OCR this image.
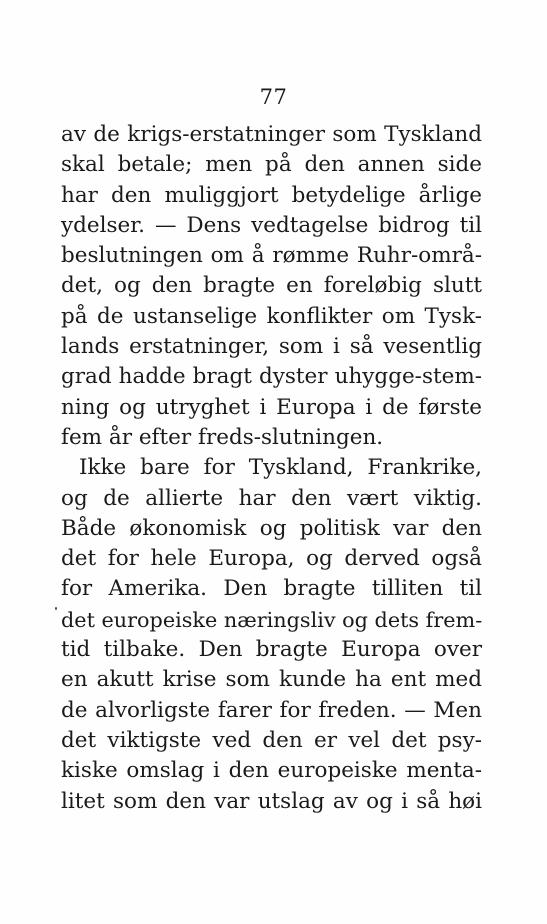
77
av de krigs-erstatninger som Tyskland
skal betale; men på den annen side
har den muliggjort betydelige årlige
ydelser. — Dens vedtagelse bidrog til
beslutningen om å rømme Ruhr-områ-
det, og den bragte en foreløbig slutt
på de ustanselige konflikter om Tysk-
lands erstatninger, som i så vesentlig
grad hadde bragt dyster uhygge-stem-
ning og utryghet i Europa i de første
fem år efter freds-slutningen.
Ikke bare for Tyskland, Frankrike,
og de allierte har den vært viktig.
Både økonomisk og politisk var den
det for hele Europa, og derved også
for Amerika. Den bragte tilliten til
det europeiske næringsliv og dets frem-
tid tilbake. Den bragte Europa over
en akutt krise som kunde ha ent med
de alvorligste farer for freden. — Men
det viktigste ved den er vel det psy-
kiske omslag i den europeiske menta-
litet som den var utslag av og i så høi
